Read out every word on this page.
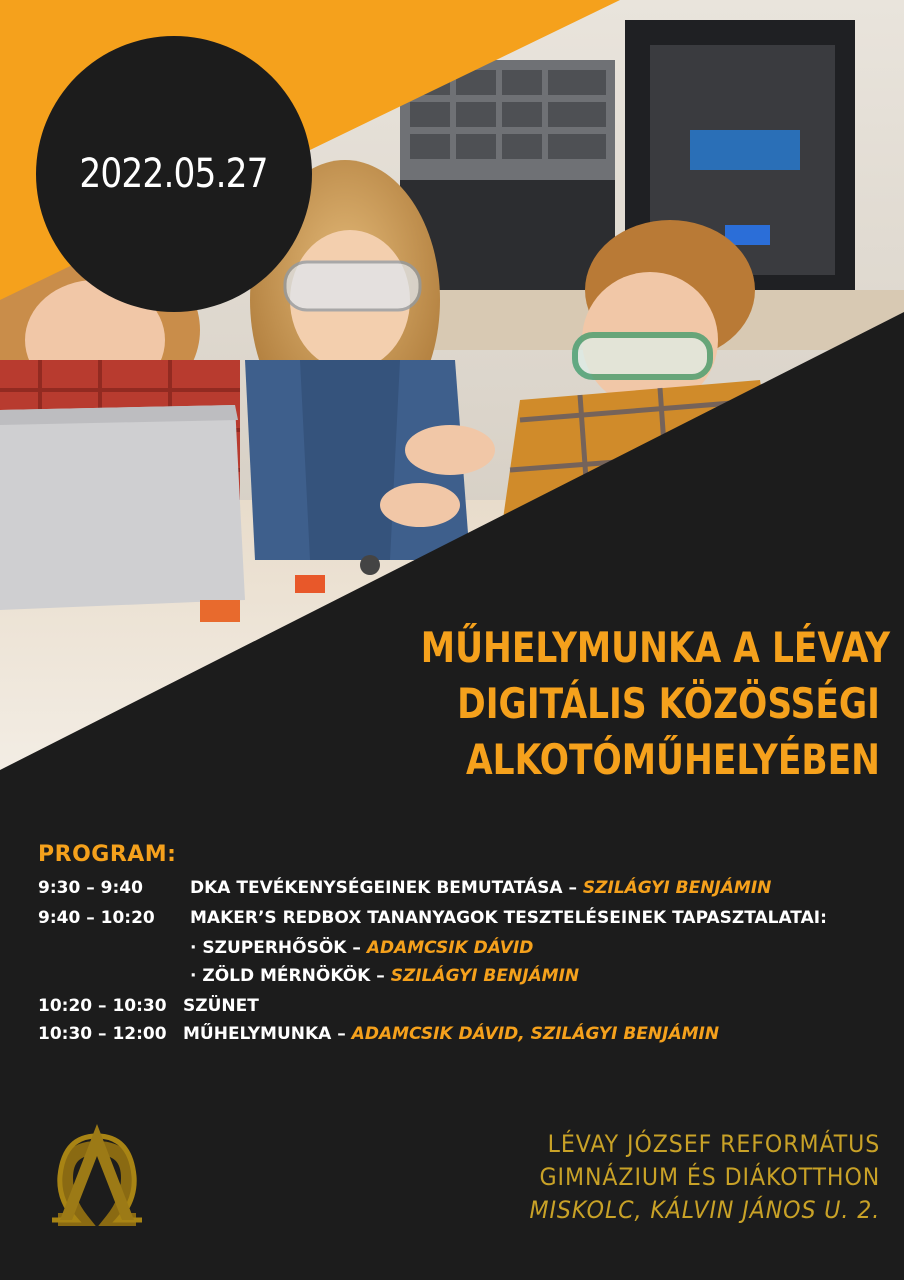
2022.05.27
MŰHELYMUNKA A LÉVAY
DIGITÁLIS KÖZÖSSÉGI
ALKOTÓMŰHELYÉBEN
PROGRAM:
9:30 – 9:40	DKA TEVÉKENYSÉGEINEK BEMUTATÁSA – SZILÁGYI BENJÁMIN
9:40 – 10:20 MAKER’S REDBOX TANANYAGOK TESZTELÉSEINEK TAPASZTALATAI:
· SZUPERHŐSÖK – ADAMCSIK DÁVID
· ZÖLD MÉRNÖKÖK – SZILÁGYI BENJÁMIN
10:20 – 10:30 SZÜNET
10:30 – 12:00 MŰHELYMUNKA – ADAMCSIK DÁVID, SZILÁGYI BENJÁMIN
LÉVAY JÓZSEF REFORMÁTUS
GIMNÁZIUM ÉS DIÁKOTTHON
MISKOLC, KÁLVIN JÁNOS U. 2.
